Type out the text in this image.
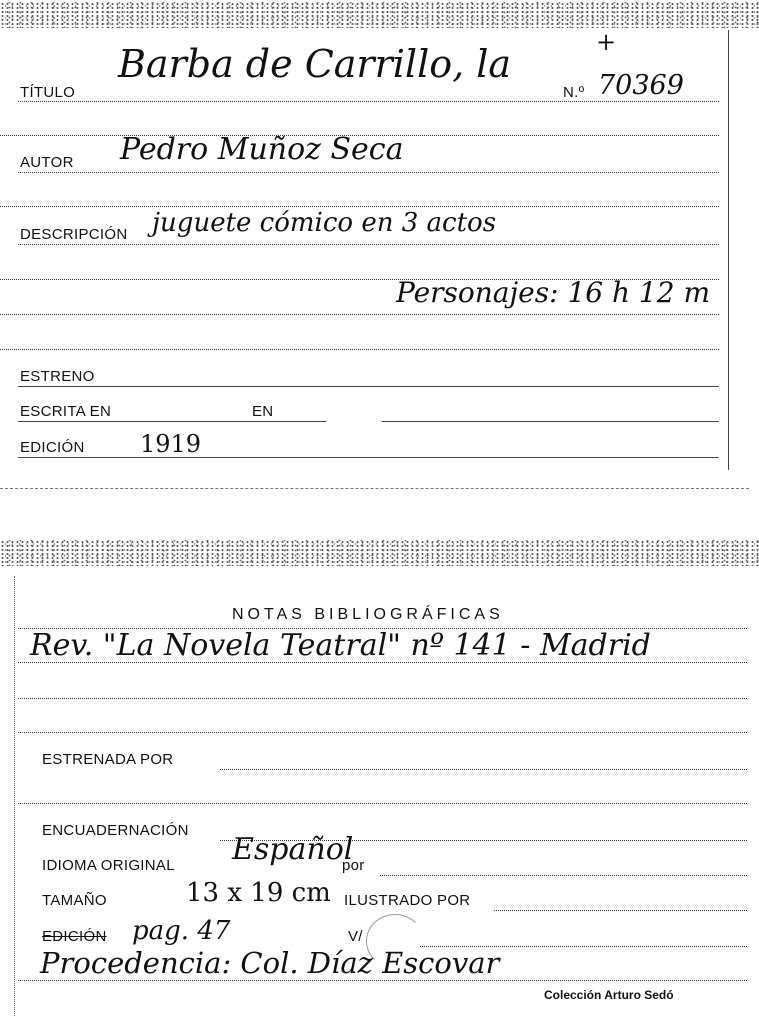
TÍTULO
Barba de Carrillo, la
N.º 70369
+
AUTOR Pedro Muñoz Seca
DESCRIPCIÓN juguete cómico en 3 actos
Personajes: 16 h 12 m
ESTRENO
ESCRITA EN	EN
EDICIÓN 1919
NOTAS BIBLIOGRÁFICAS
Rev. "La Novela Teatral" nº 141 - Madrid
ESTRENADA POR
ENCUADERNACIÓN
IDIOMA ORIGINAL Español
por
TAMAÑO	13 x 19 cm ILUSTRADO POR
EDICIÓN pag. 47	V/
Procedencia: Col. Díaz Escovar
Colección Arturo Sedó
